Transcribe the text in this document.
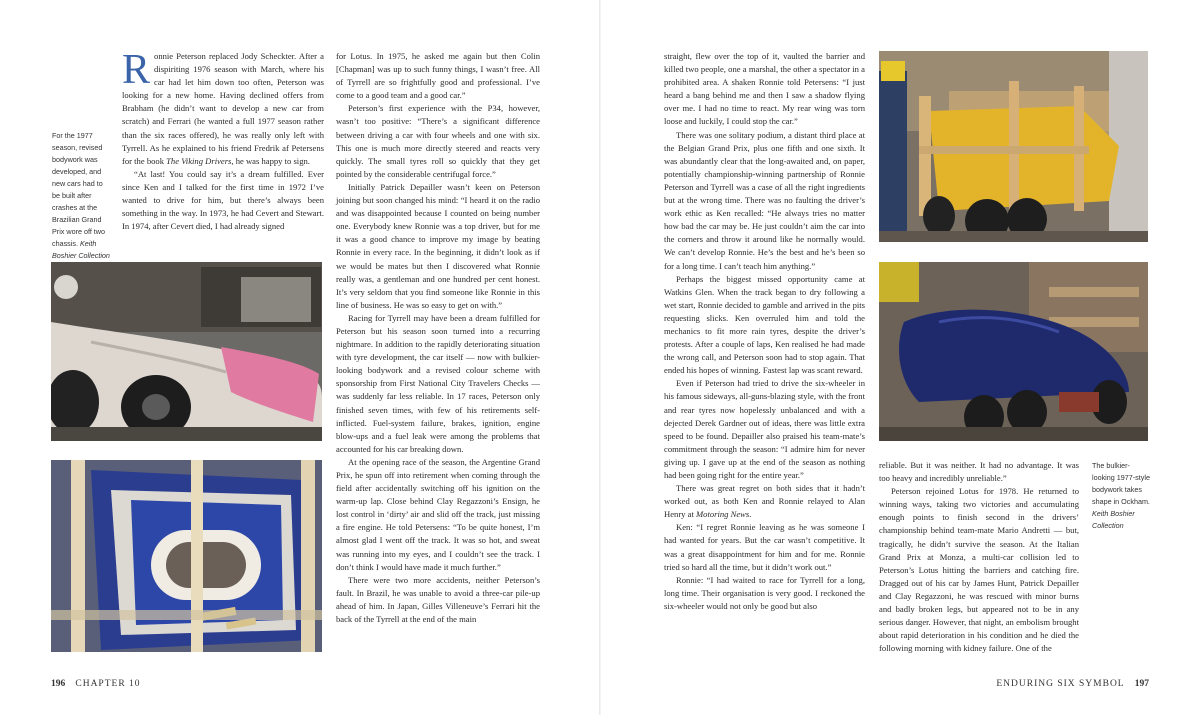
For the 1977 season, revised bodywork was developed, and new cars had to be built after crashes at the Brazilian Grand Prix wore off two chassis. Keith Boshier Collection

Ronnie Peterson replaced Jody Scheckter. After a dispiriting 1976 season with March, where his car had let him down too often, Peterson was looking for a new home. Having declined offers from Brabham (he didn’t want to develop a new car from scratch) and Ferrari (he wanted a full 1977 season rather than the six races offered), he was really only left with Tyrrell. As he explained to his friend Fredrik af Petersens for the book The Viking Drivers, he was happy to sign.

“At last! You could say it’s a dream fulfilled. Ever since Ken and I talked for the first time in 1972 I’ve wanted to drive for him, but there’s always been something in the way. In 1973, he had Cevert and Stewart. In 1974, after Cevert died, I had already signed

for Lotus. In 1975, he asked me again but then Colin [Chapman] was up to such funny things, I wasn’t free. All of Tyrrell are so frightfully good and professional. I’ve come to a good team and a good car.”

Peterson’s first experience with the P34, however, wasn’t too positive: “There’s a significant difference between driving a car with four wheels and one with six. This one is much more directly steered and reacts very quickly. The small tyres roll so quickly that they get pointed by the considerable centrifugal force.”

Initially Patrick Depailler wasn’t keen on Peterson joining but soon changed his mind: “I heard it on the radio and was disappointed because I counted on being number one. Everybody knew Ronnie was a top driver, but for me it was a good chance to improve my image by beating Ronnie in every race. In the beginning, it didn’t look as if we would be mates but then I discovered what Ronnie really was, a gentleman and one hundred per cent honest. It’s very seldom that you find someone like Ronnie in this line of business. He was so easy to get on with.”

Racing for Tyrrell may have been a dream fulfilled for Peterson but his season soon turned into a recurring nightmare. In addition to the rapidly deteriorating situation with tyre development, the car itself — now with bulkier-looking bodywork and a revised colour scheme with sponsorship from First National City Travelers Checks — was suddenly far less reliable. In 17 races, Peterson only finished seven times, with few of his retirements self-inflicted. Fuel-system failure, brakes, ignition, engine blow-ups and a fuel leak were among the problems that accounted for his car breaking down.

At the opening race of the season, the Argentine Grand Prix, he spun off into retirement when coming through the field after accidentally switching off his ignition on the warm-up lap. Close behind Clay Regazzoni’s Ensign, he lost control in ‘dirty’ air and slid off the track, just missing a fire engine. He told Petersens: “To be quite honest, I’m almost glad I went off the track. It was so hot, and sweat was running into my eyes, and I couldn’t see the track. I don’t think I would have made it much further.”

There were two more accidents, neither Peterson’s fault. In Brazil, he was unable to avoid a three-car pile-up ahead of him. In Japan, Gilles Villeneuve’s Ferrari hit the back of the Tyrrell at the end of the main

196 CHAPTER 10

straight, flew over the top of it, vaulted the barrier and killed two people, one a marshal, the other a spectator in a prohibited area. A shaken Ronnie told Petersens: “I just heard a bang behind me and then I saw a shadow flying over me. I had no time to react. My rear wing was torn loose and luckily, I could stop the car.”

There was one solitary podium, a distant third place at the Belgian Grand Prix, plus one fifth and one sixth. It was abundantly clear that the long-awaited and, on paper, potentially championship-winning partnership of Ronnie Peterson and Tyrrell was a case of all the right ingredients but at the wrong time. There was no faulting the driver’s work ethic as Ken recalled: “He always tries no matter how bad the car may be. He just couldn’t aim the car into the corners and throw it around like he normally would. We can’t develop Ronnie. He’s the best and he’s been so for a long time. I can’t teach him anything.”

Perhaps the biggest missed opportunity came at Watkins Glen. When the track began to dry following a wet start, Ronnie decided to gamble and arrived in the pits requesting slicks. Ken overruled him and told the mechanics to fit more rain tyres, despite the driver’s protests. After a couple of laps, Ken realised he had made the wrong call, and Peterson soon had to stop again. That ended his hopes of winning. Fastest lap was scant reward.

Even if Peterson had tried to drive the six-wheeler in his famous sideways, all-guns-blazing style, with the front and rear tyres now hopelessly unbalanced and with a dejected Derek Gardner out of ideas, there was little extra speed to be found. Depailler also praised his team-mate’s commitment through the season: “I admire him for never giving up. I gave up at the end of the season as nothing had been going right for the entire year.”

There was great regret on both sides that it hadn’t worked out, as both Ken and Ronnie relayed to Alan Henry at Motoring News.

Ken: “I regret Ronnie leaving as he was someone I had wanted for years. But the car wasn’t competitive. It was a great disappointment for him and for me. Ronnie tried so hard all the time, but it didn’t work out.”

Ronnie: “I had waited to race for Tyrrell for a long, long time. Their organisation is very good. I reckoned the six-wheeler would not only be good but also

The bulkier-looking 1977-style bodywork takes shape in Ockham. Keith Boshier Collection

reliable. But it was neither. It had no advantage. It was too heavy and incredibly unreliable.”

Peterson rejoined Lotus for 1978. He returned to winning ways, taking two victories and accumulating enough points to finish second in the drivers’ championship behind team-mate Mario Andretti — but, tragically, he didn’t survive the season. At the Italian Grand Prix at Monza, a multi-car collision led to Peterson’s Lotus hitting the barriers and catching fire. Dragged out of his car by James Hunt, Patrick Depailler and Clay Regazzoni, he was rescued with minor burns and badly broken legs, but appeared not to be in any serious danger. However, that night, an embolism brought about rapid deterioration in his condition and he died the following morning with kidney failure. One of the

ENDURING SIX SYMBOL 197
